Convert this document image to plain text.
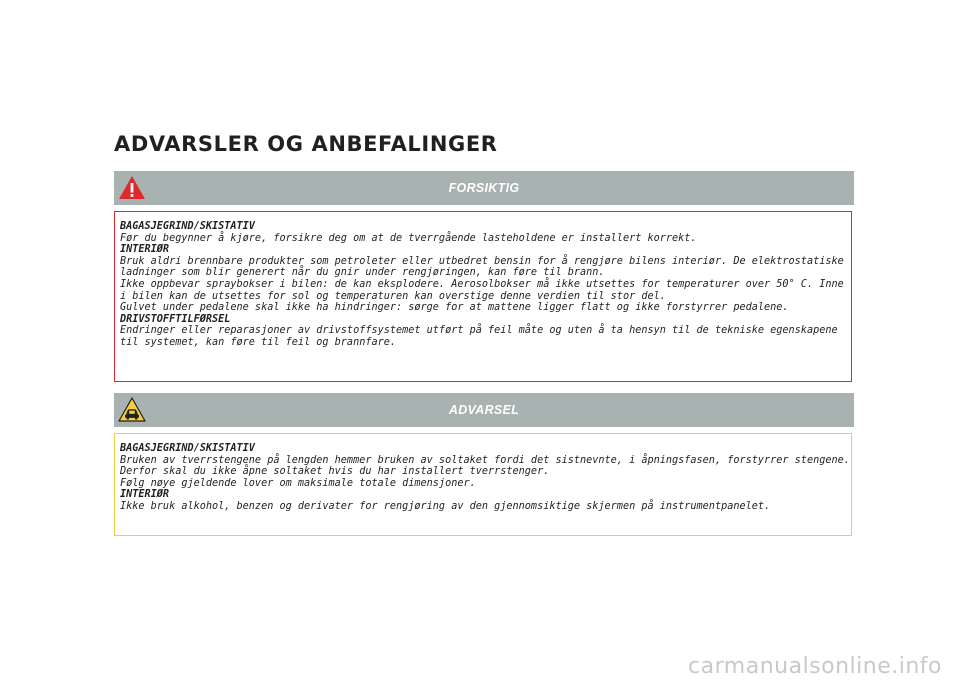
ADVARSLER OG ANBEFALINGER
FORSIKTIG
BAGASJEGRIND/SKISTATIV
Før du begynner å kjøre, forsikre deg om at de tverrgående lasteholdene er installert korrekt.
INTERIØR
Bruk aldri brennbare produkter som petroleter eller utbedret bensin for å rengjøre bilens interiør. De elektrostatiske ladninger som blir generert når du gnir under rengjøringen, kan føre til brann.
Ikke oppbevar spraybokser i bilen: de kan eksplodere. Aerosolbokser må ikke utsettes for temperaturer over 50° C. Inne i bilen kan de utsettes for sol og temperaturen kan overstige denne verdien til stor del.
Gulvet under pedalene skal ikke ha hindringer: sørge for at mattene ligger flatt og ikke forstyrrer pedalene.
DRIVSTOFFTILFØRSEL
Endringer eller reparasjoner av drivstoffsystemet utført på feil måte og uten å ta hensyn til de tekniske egenskapene til systemet, kan føre til feil og brannfare.
ADVARSEL
BAGASJEGRIND/SKISTATIV
Bruken av tverrstengene på lengden hemmer bruken av soltaket fordi det sistnevnte, i åpningsfasen, forstyrrer stengene.
Derfor skal du ikke åpne soltaket hvis du har installert tverrstenger.
Følg nøye gjeldende lover om maksimale totale dimensjoner.
INTERIØR
Ikke bruk alkohol, benzen og derivater for rengjøring av den gjennomsiktige skjermen på instrumentpanelet.
carmanualsonline.info
